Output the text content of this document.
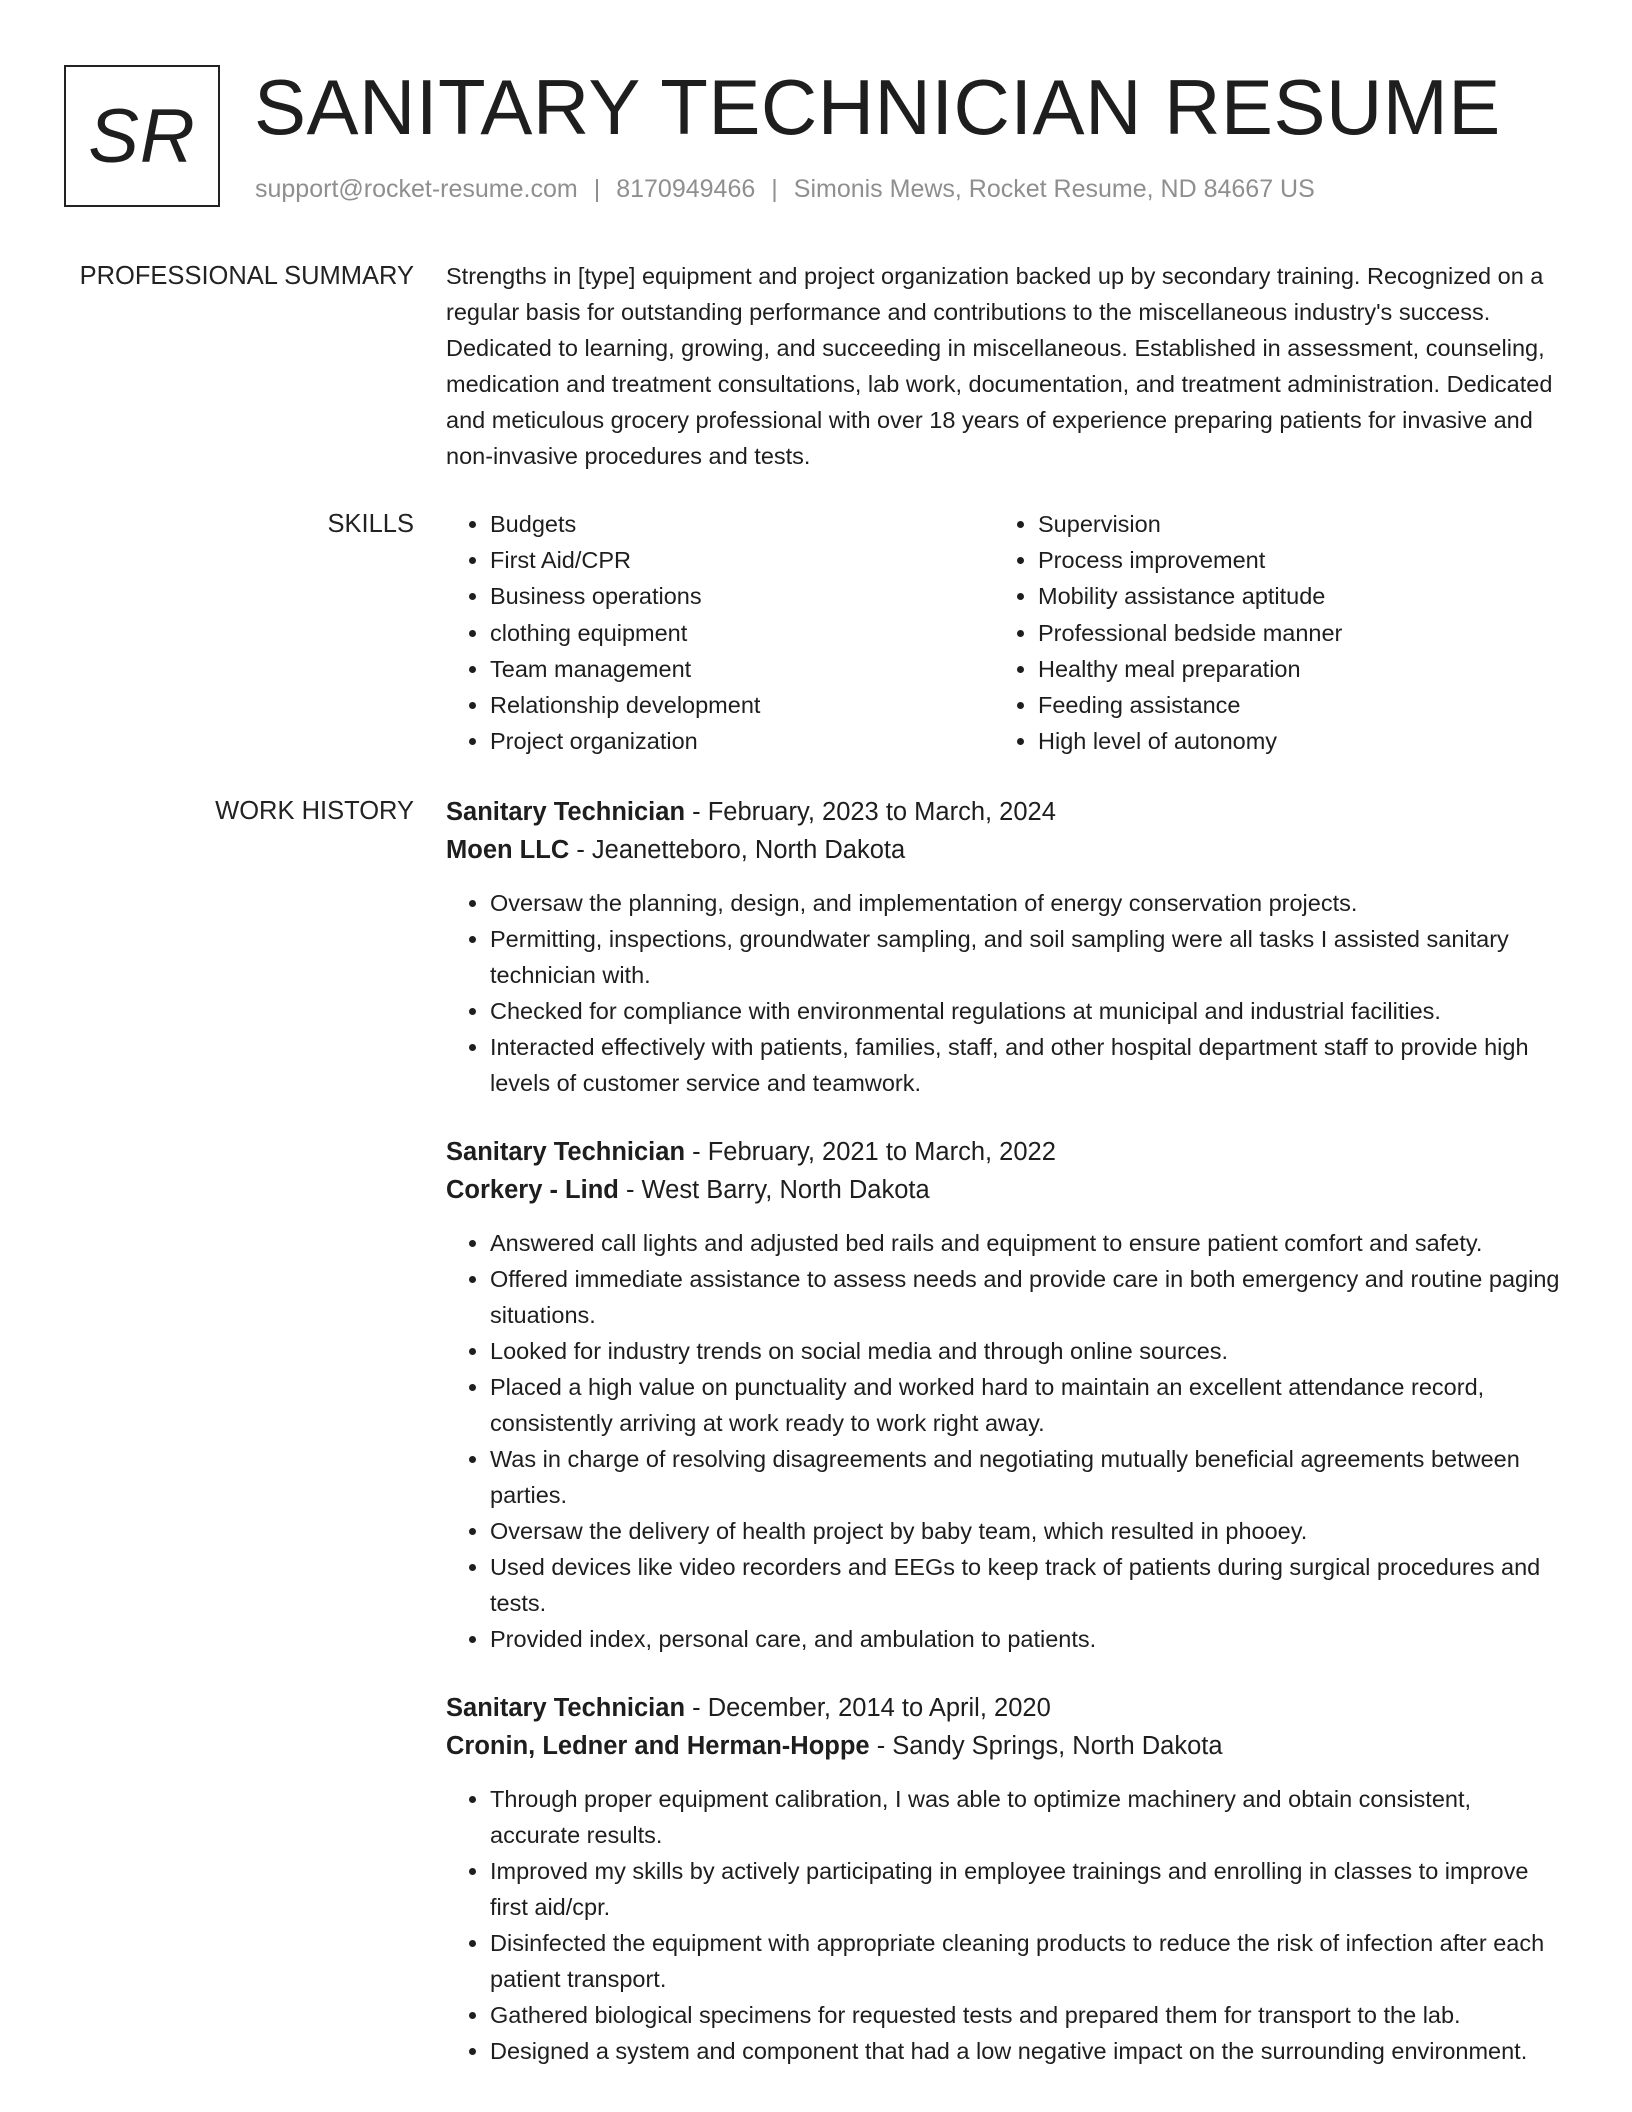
SR SANITARY TECHNICIAN RESUME
support@rocket-resume.com | 8170949466 | Simonis Mews, Rocket Resume, ND 84667 US
PROFESSIONAL SUMMARY Strengths in [type] equipment and project organization backed up by secondary training. Recognized on a regular basis for outstanding performance and contributions to the miscellaneous industry's success. Dedicated to learning, growing, and succeeding in miscellaneous. Established in assessment, counseling, medication and treatment consultations, lab work, documentation, and treatment administration. Dedicated and meticulous grocery professional with over 18 years of experience preparing patients for invasive and non-invasive procedures and tests.

SKILLS
•	Budgets
• First Aid/CPR
• Business operations
• clothing equipment
• Team management
• Relationship development
• Project organization
• Supervision
• Process improvement
• Mobility assistance aptitude
• Professional bedside manner
• Healthy meal preparation
• Feeding assistance
• High level of autonomy
WORK HISTORY Sanitary Technician - February, 2023 to March, 2024
Moen LLC - Jeanetteboro, North Dakota
• Oversaw the planning, design, and implementation of energy conservation projects.
• Permitting, inspections, groundwater sampling, and soil sampling were all tasks I assisted sanitary technician with.
• Checked for compliance with environmental regulations at municipal and industrial facilities.
• Interacted effectively with patients, families, staff, and other hospital department staff to provide high levels of customer service and teamwork.
Sanitary Technician - February, 2021 to March, 2022
Corkery - Lind - West Barry, North Dakota
• Answered call lights and adjusted bed rails and equipment to ensure patient comfort and safety.
• Offered immediate assistance to assess needs and provide care in both emergency and routine paging situations.
• Looked for industry trends on social media and through online sources.
• Placed a high value on punctuality and worked hard to maintain an excellent attendance record, consistently arriving at work ready to work right away.
• Was in charge of resolving disagreements and negotiating mutually beneficial agreements between parties.
• Oversaw the delivery of health project by baby team, which resulted in phooey.
• Used devices like video recorders and EEGs to keep track of patients during surgical procedures and tests.
• Provided index, personal care, and ambulation to patients.
Sanitary Technician - December, 2014 to April, 2020
Cronin, Ledner and Herman-Hoppe - Sandy Springs, North Dakota
• Through proper equipment calibration, I was able to optimize machinery and obtain consistent, accurate results.
• Improved my skills by actively participating in employee trainings and enrolling in classes to improve first aid/cpr.
• Disinfected the equipment with appropriate cleaning products to reduce the risk of infection after each patient transport.
• Gathered biological specimens for requested tests and prepared them for transport to the lab.
• Designed a system and component that had a low negative impact on the surrounding environment.
